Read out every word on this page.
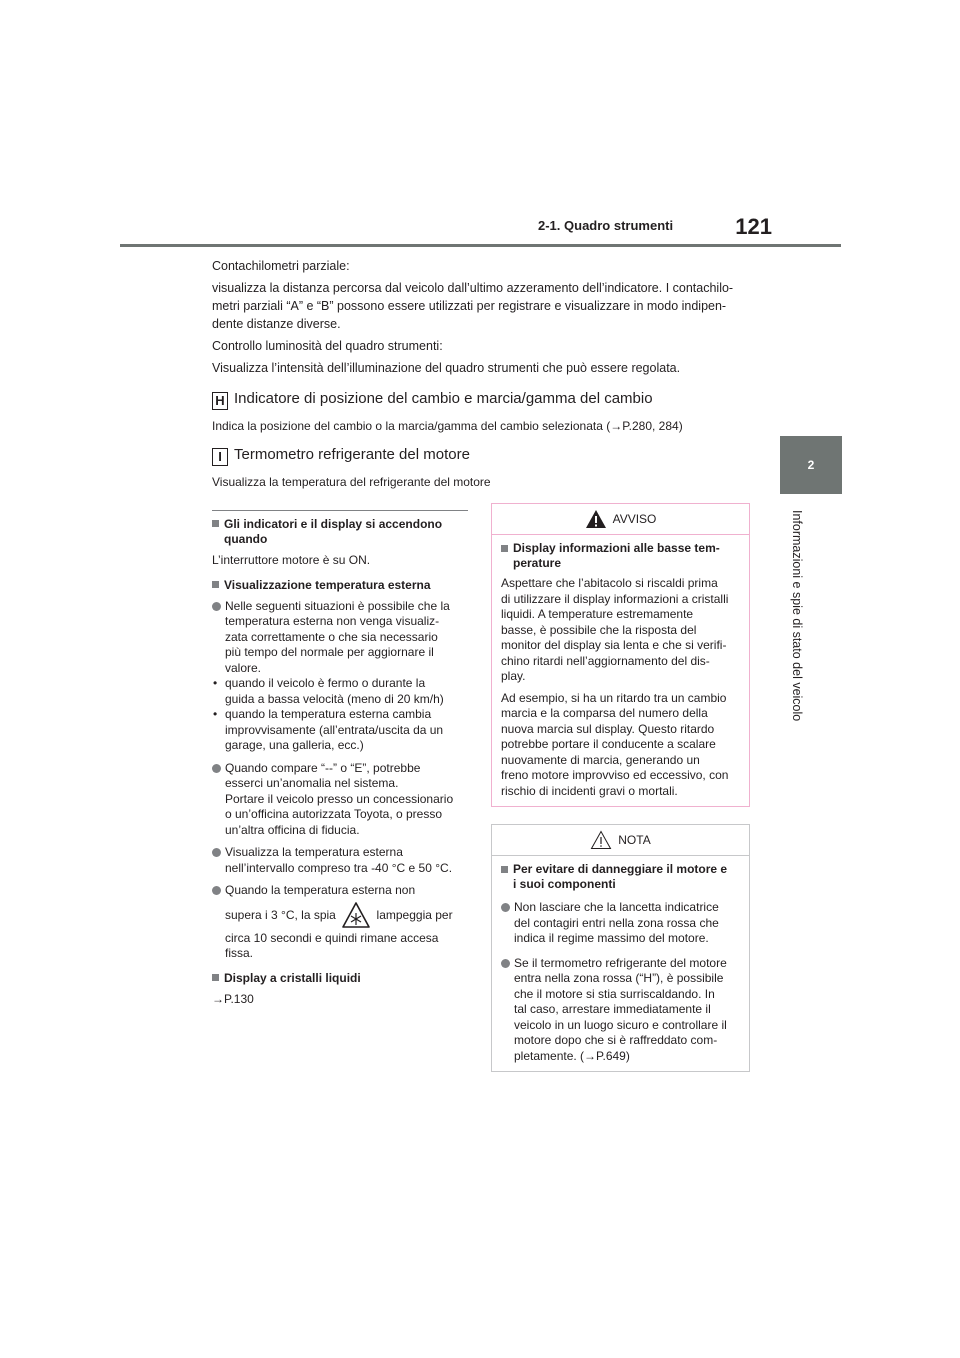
2-1. Quadro strumenti	121
2
Informazioni e spie di stato del veicolo
Contachilometri parziale:
visualizza la distanza percorsa dal veicolo dall’ultimo azzeramento dell’indicatore. I contachilo-
metri parziali “A” e “B” possono essere utilizzati per registrare e visualizzare in modo indipen-
dente distanze diverse.
Controllo luminosità del quadro strumenti:
Visualizza l’intensità dell’illuminazione del quadro strumenti che può essere regolata.
H Indicatore di posizione del cambio e marcia/gamma del cambio
Indica la posizione del cambio o la marcia/gamma del cambio selezionata (→P.280, 284)
I Termometro refrigerante del motore
Visualizza la temperatura del refrigerante del motore
Gli indicatori e il display si accendono quando
L’interruttore motore è su ON.
Visualizzazione temperatura esterna
Nelle seguenti situazioni è possibile che la
temperatura esterna non venga visualiz-
zata correttamente o che sia necessario
più tempo del normale per aggiornare il
valore.
• quando il veicolo è fermo o durante la
guida a bassa velocità (meno di 20 km/h)
• quando la temperatura esterna cambia
improvvisamente (all’entrata/uscita da un
garage, una galleria, ecc.)
Quando compare “--” o “E”, potrebbe
esserci un’anomalia nel sistema.
Portare il veicolo presso un concessionario
o un’officina autorizzata Toyota, o presso
un’altra officina di fiducia.
Visualizza la temperatura esterna
nell’intervallo compreso tra -40 °C e 50 °C.
Quando la temperatura esterna non
supera i 3 °C, la spia	lampeggia per
circa 10 secondi e quindi rimane accesa
fissa.
Display a cristalli liquidi
→P.130
AVVISO
Display informazioni alle basse tem-
perature
Aspettare che l’abitacolo si riscaldi prima
di utilizzare il display informazioni a cristalli
liquidi. A temperature estremamente
basse, è possibile che la risposta del
monitor del display sia lenta e che si verifi-
chino ritardi nell’aggiornamento del dis-
play.
Ad esempio, si ha un ritardo tra un cambio
marcia e la comparsa del numero della
nuova marcia sul display. Questo ritardo
potrebbe portare il conducente a scalare
nuovamente di marcia, generando un
freno motore improvviso ed eccessivo, con
rischio di incidenti gravi o mortali.
NOTA
Per evitare di danneggiare il motore e
i suoi componenti
Non lasciare che la lancetta indicatrice
del contagiri entri nella zona rossa che
indica il regime massimo del motore.
Se il termometro refrigerante del motore
entra nella zona rossa (“H”), è possibile
che il motore si stia surriscaldando. In
tal caso, arrestare immediatamente il
veicolo in un luogo sicuro e controllare il
motore dopo che si è raffreddato com-
pletamente. (→P.649)
